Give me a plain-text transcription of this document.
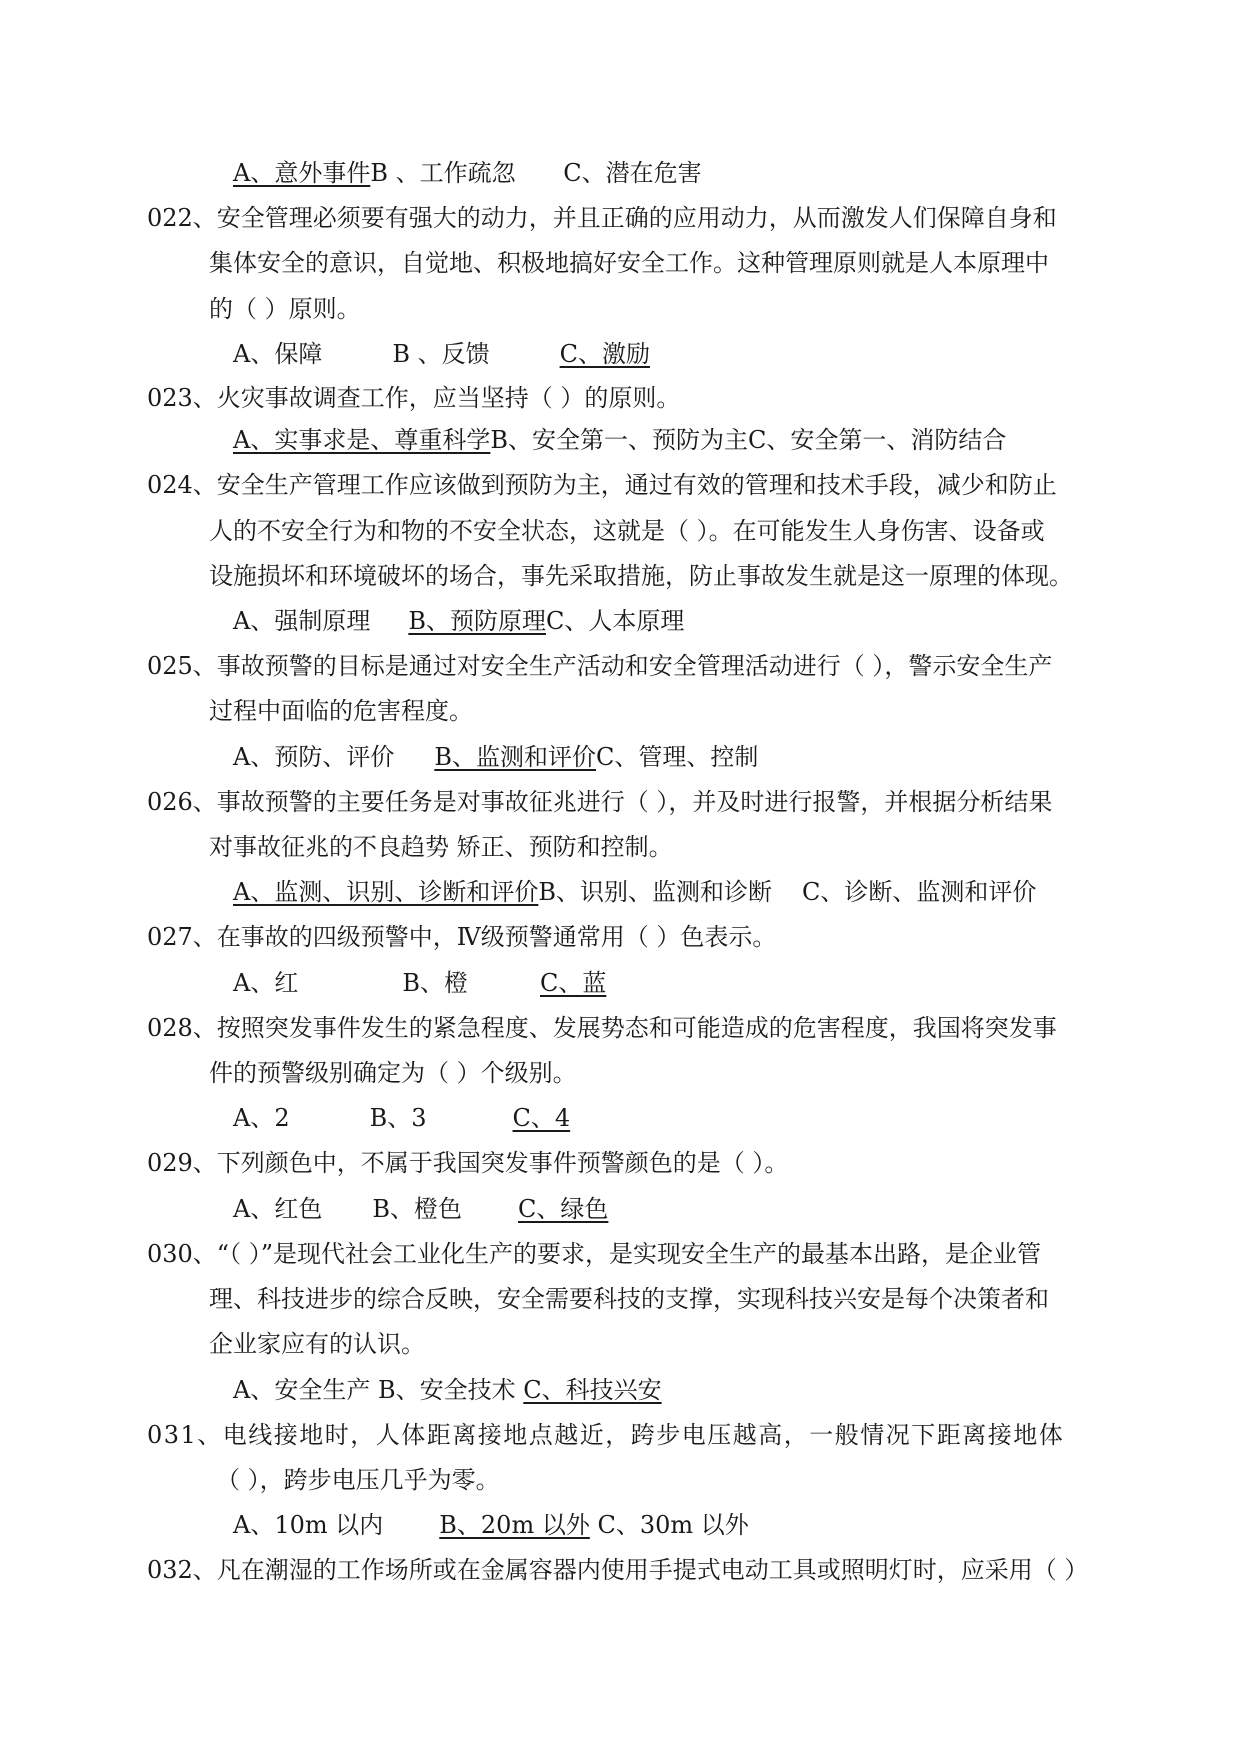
A、意外事件B 、工作疏忽 C、潜在危害
022、安全管理必须要有强大的动力，并且正确的应用动力，从而激发人们保障自身和
集体安全的意识，自觉地、积极地搞好安全工作。这种管理原则就是人本原理中
的（ ）原则。
A、保障	B 、反馈	C、激励
023、火灾事故调查工作，应当坚持（ ）的原则。
A、实事求是、尊重科学B、安全第一、预防为主C、安全第一、消防结合
024、安全生产管理工作应该做到预防为主，通过有效的管理和技术手段，减少和防止
人的不安全行为和物的不安全状态，这就是（ ）。在可能发生人身伤害、设备或
设施损坏和环境破坏的场合，事先采取措施，防止事故发生就是这一原理的体现。
A、强制原理 B、预防原理C、人本原理
025、事故预警的目标是通过对安全生产活动和安全管理活动进行（ ），警示安全生产
过程中面临的危害程度。
A、预防、评价 B、监测和评价C、管理、控制
026、事故预警的主要任务是对事故征兆进行（ ），并及时进行报警，并根据分析结果
对事故征兆的不良趋势 矫正、预防和控制。
A、监测、识别、诊断和评价B、识别、监测和诊断 C、诊断、监测和评价
027、在事故的四级预警中，Ⅳ级预警通常用（ ）色表示。
A、红	B、橙	C、蓝
028、按照突发事件发生的紧急程度、发展势态和可能造成的危害程度，我国将突发事
件的预警级别确定为（ ）个级别。
A、2	B、3	C、4
029、下列颜色中，不属于我国突发事件预警颜色的是（ ）。
A、红色 B、橙色 C、绿色
030、“（ ）”是现代社会工业化生产的要求，是实现安全生产的最基本出路，是企业管
理、科技进步的综合反映，安全需要科技的支撑，实现科技兴安是每个决策者和
企业家应有的认识。
A、安全生产 B、安全技术 C、科技兴安
031、电线接地时，人体距离接地点越近，跨步电压越高，一般情况下距离接地体
（ ），跨步电压几乎为零。
A、10m 以内 B、20m 以外 C、30m 以外
032、凡在潮湿的工作场所或在金属容器内使用手提式电动工具或照明灯时，应采用（ ）
